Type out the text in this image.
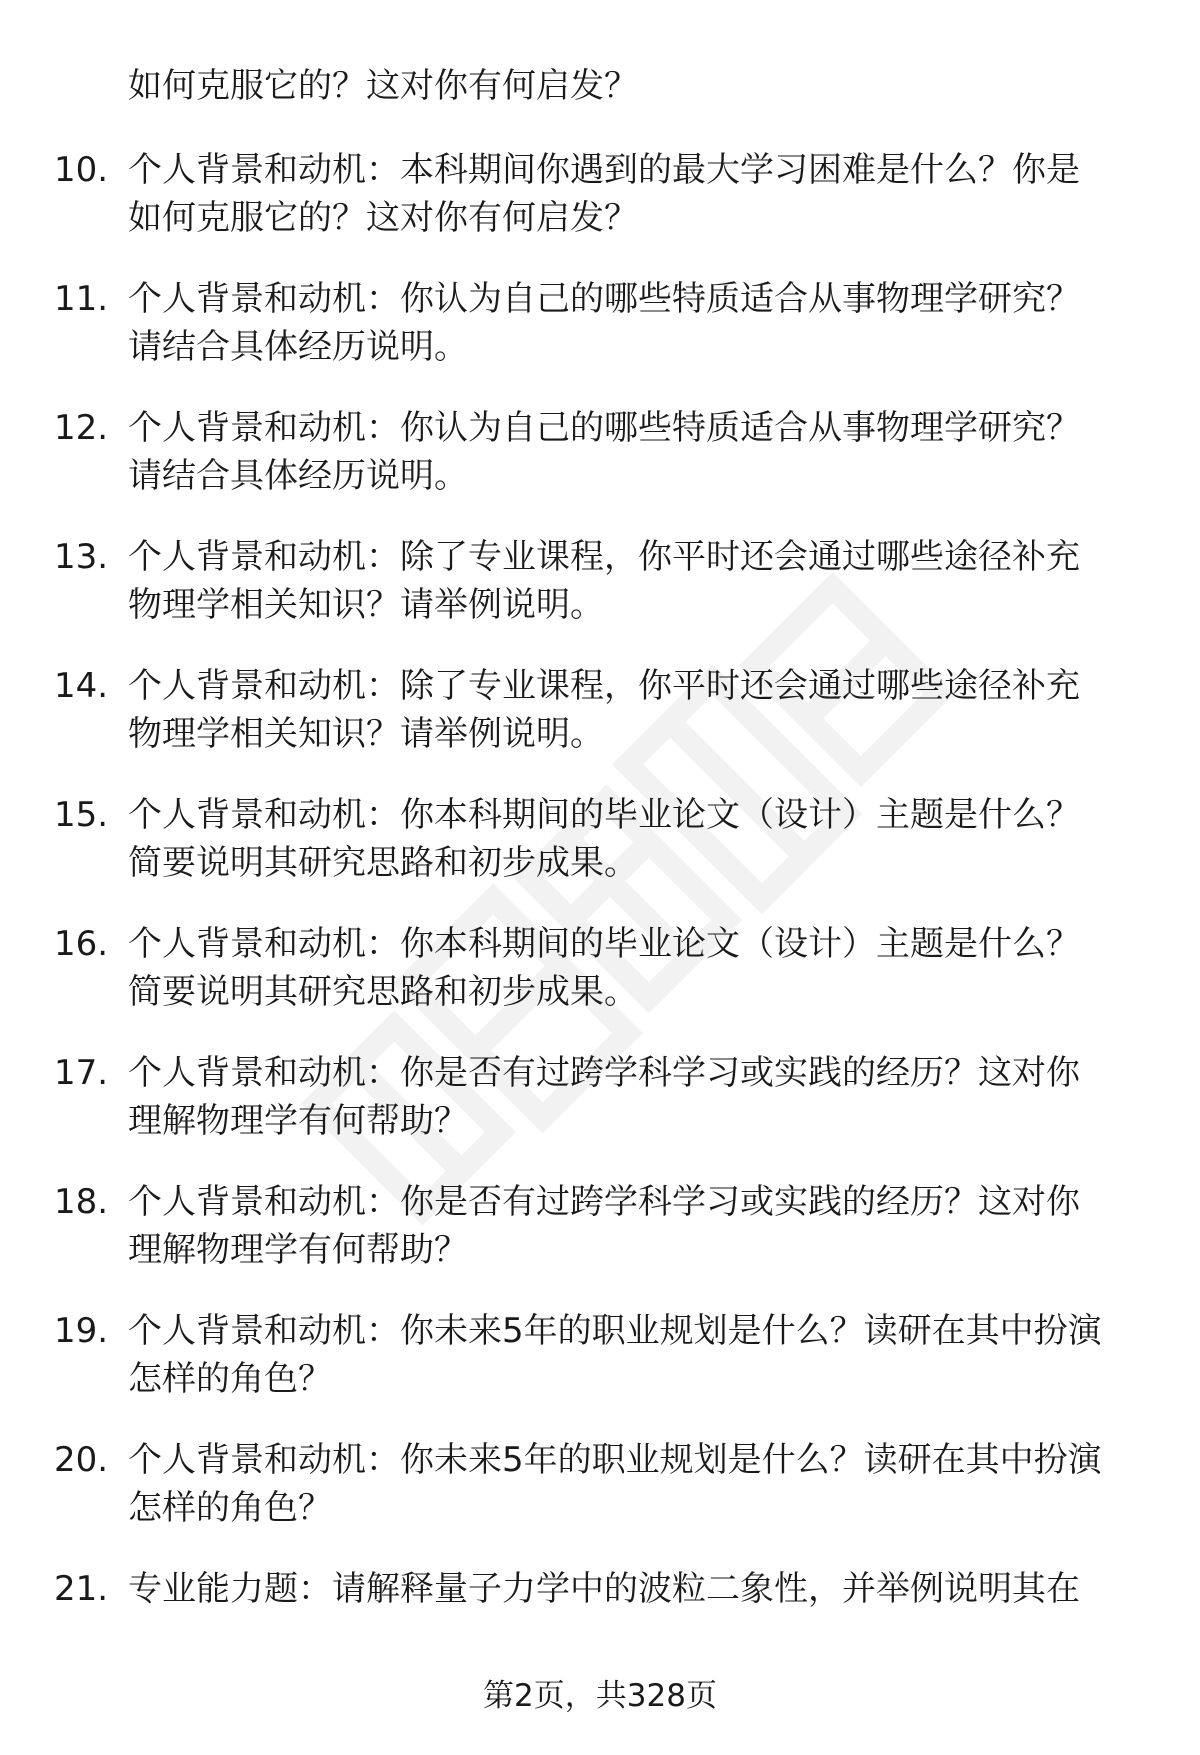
如何克服它的？这对你有何启发？
10. 个人背景和动机：本科期间你遇到的最大学习困难是什么？你是
如何克服它的？这对你有何启发？
11. 个人背景和动机：你认为自己的哪些特质适合从事物理学研究？
请结合具体经历说明。
12. 个人背景和动机：你认为自己的哪些特质适合从事物理学研究？
请结合具体经历说明。
13. 个人背景和动机：除了专业课程，你平时还会通过哪些途径补充
物理学相关知识？请举例说明。
14. 个人背景和动机：除了专业课程，你平时还会通过哪些途径补充
物理学相关知识？请举例说明。
15. 个人背景和动机：你本科期间的毕业论文（设计）主题是什么？
简要说明其研究思路和初步成果。
16. 个人背景和动机：你本科期间的毕业论文（设计）主题是什么？
简要说明其研究思路和初步成果。
17. 个人背景和动机：你是否有过跨学科学习或实践的经历？这对你
理解物理学有何帮助？
18. 个人背景和动机：你是否有过跨学科学习或实践的经历？这对你
理解物理学有何帮助？
19. 个人背景和动机：你未来5年的职业规划是什么？读研在其中扮演
怎样的角色？
20. 个人背景和动机：你未来5年的职业规划是什么？读研在其中扮演
怎样的角色？
21. 专业能力题：请解释量子力学中的波粒二象性，并举例说明其在
第2页，共328页
